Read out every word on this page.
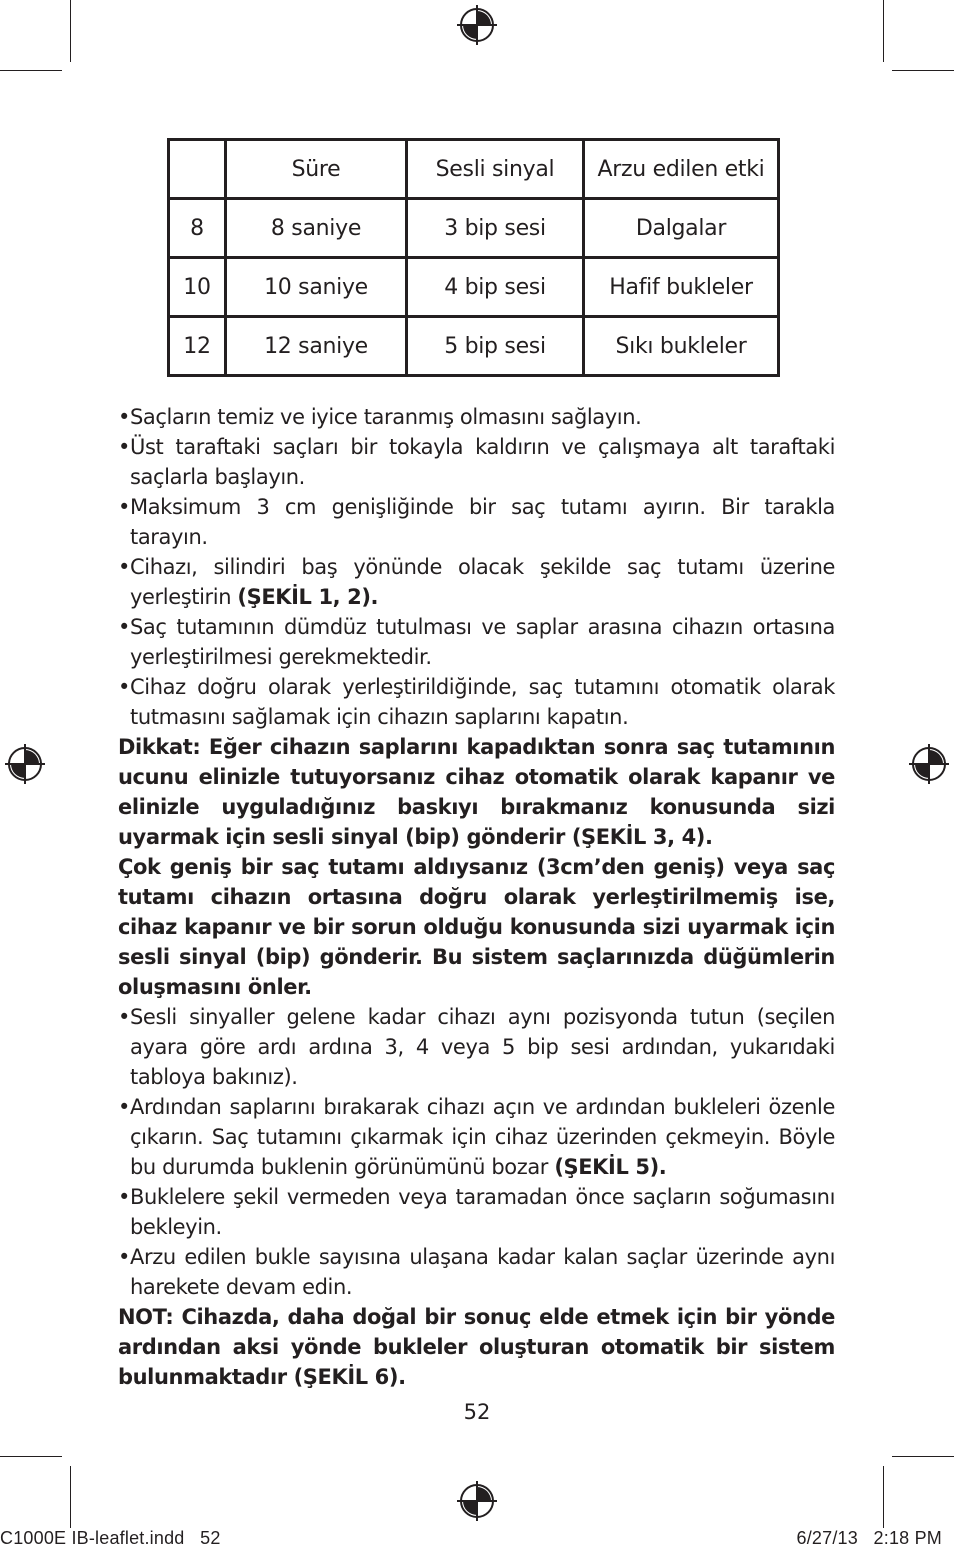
	Süre	Sesli sinyal	Arzu edilen etki
8	8 saniye	3 bip sesi	Dalgalar
10	10 saniye	4 bip sesi	Hafif bukleler
12	12 saniye	5 bip sesi	Sıkı bukleler

• Saçların temiz ve iyice taranmış olmasını sağlayın.

• Üst taraftaki saçları bir tokayla kaldırın ve çalışmaya alt taraftaki saçlarla başlayın.

• Maksimum 3 cm genişliğinde bir saç tutamı ayırın. Bir tarakla tarayın.

• Cihazı, silindiri baş yönünde olacak şekilde saç tutamı üzerine yerleştirin (ŞEKİL 1, 2).

• Saç tutamının dümdüz tutulması ve saplar arasına cihazın ortasına yerleştirilmesi gerekmektedir.

• Cihaz doğru olarak yerleştirildiğinde, saç tutamını otomatik olarak tutmasını sağlamak için cihazın saplarını kapatın.

Dikkat: Eğer cihazın saplarını kapadıktan sonra saç tutamının ucunu elinizle tutuyorsanız cihaz otomatik olarak kapanır ve elinizle uyguladığınız baskıyı bırakmanız konusunda sizi uyarmak için sesli sinyal (bip) gönderir (ŞEKİL 3, 4).

Çok geniş bir saç tutamı aldıysanız (3cm’den geniş) veya saç tutamı cihazın ortasına doğru olarak yerleştirilmemiş ise, cihaz kapanır ve bir sorun olduğu konusunda sizi uyarmak için sesli sinyal (bip) gönderir. Bu sistem saçlarınızda düğümlerin oluşmasını önler.

• Sesli sinyaller gelene kadar cihazı aynı pozisyonda tutun (seçilen ayara göre ardı ardına 3, 4 veya 5 bip sesi ardından, yukarıdaki tabloya bakınız).

• Ardından saplarını bırakarak cihazı açın ve ardından bukleleri özenle çıkarın. Saç tutamını çıkarmak için cihaz üzerinden çekmeyin. Böyle bu durumda buklenin görünümünü bozar (ŞEKİL 5).

• Buklelere şekil vermeden veya taramadan önce saçların soğumasını bekleyin.

• Arzu edilen bukle sayısına ulaşana kadar kalan saçlar üzerinde aynı harekete devam edin.

NOT: Cihazda, daha doğal bir sonuç elde etmek için bir yönde ardından aksi yönde bukleler oluşturan otomatik bir sistem bulunmaktadır (ŞEKİL 6).

52
C1000E IB-leaflet.indd   52	6/27/13   2:18 PM
